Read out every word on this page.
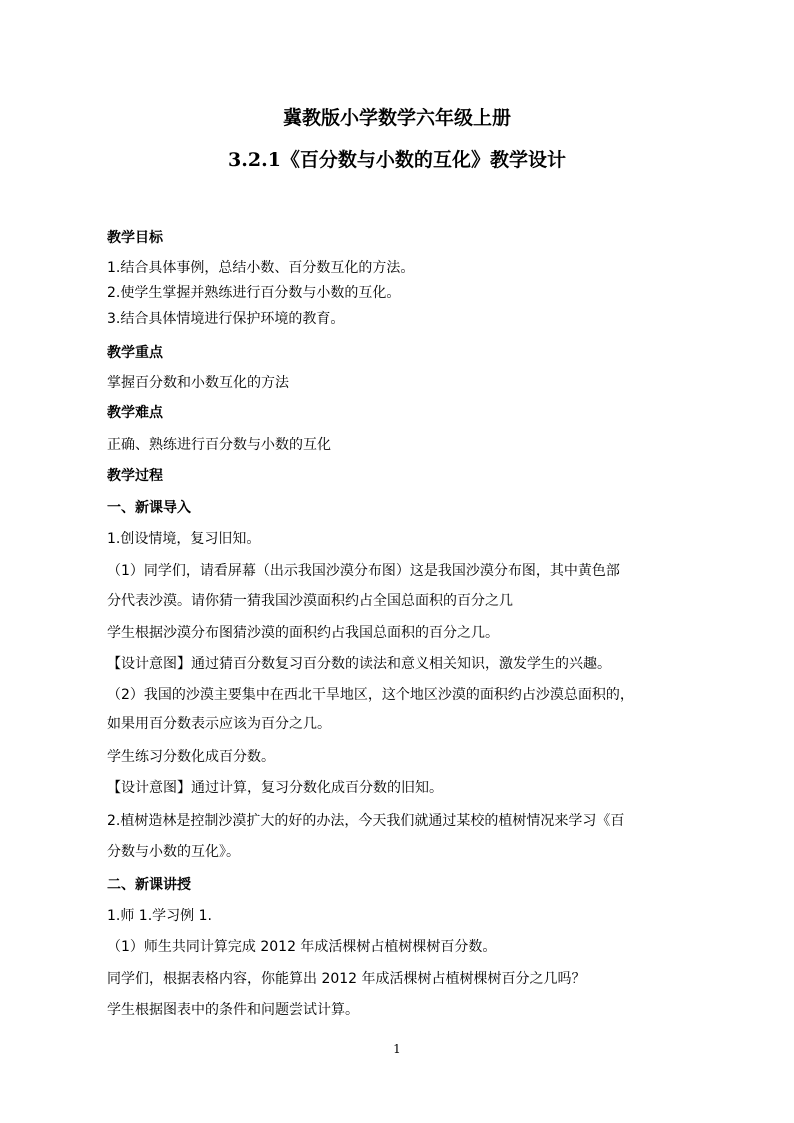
冀教版小学数学六年级上册
3.2.1《百分数与小数的互化》教学设计
教学目标
1.结合具体事例，总结小数、百分数互化的方法。
2.使学生掌握并熟练进行百分数与小数的互化。
3.结合具体情境进行保护环境的教育。
教学重点
掌握百分数和小数互化的方法
教学难点
正确、熟练进行百分数与小数的互化
教学过程
一、新课导入
1.创设情境，复习旧知。
（1）同学们，请看屏幕（出示我国沙漠分布图）这是我国沙漠分布图，其中黄色部
分代表沙漠。请你猜一猜我国沙漠面积约占全国总面积的百分之几
学生根据沙漠分布图猜沙漠的面积约占我国总面积的百分之几。
【设计意图】通过猜百分数复习百分数的读法和意义相关知识，激发学生的兴趣。
（2）我国的沙漠主要集中在西北干旱地区，这个地区沙漠的面积约占沙漠总面积的，
如果用百分数表示应该为百分之几。
学生练习分数化成百分数。
【设计意图】通过计算，复习分数化成百分数的旧知。
2.植树造林是控制沙漠扩大的好的办法，今天我们就通过某校的植树情况来学习《百
分数与小数的互化》。
二、新课讲授
1.师 1.学习例 1.
（1）师生共同计算完成 2012 年成活棵树占植树棵树百分数。
同学们，根据表格内容，你能算出 2012 年成活棵树占植树棵树百分之几吗？
学生根据图表中的条件和问题尝试计算。
1
